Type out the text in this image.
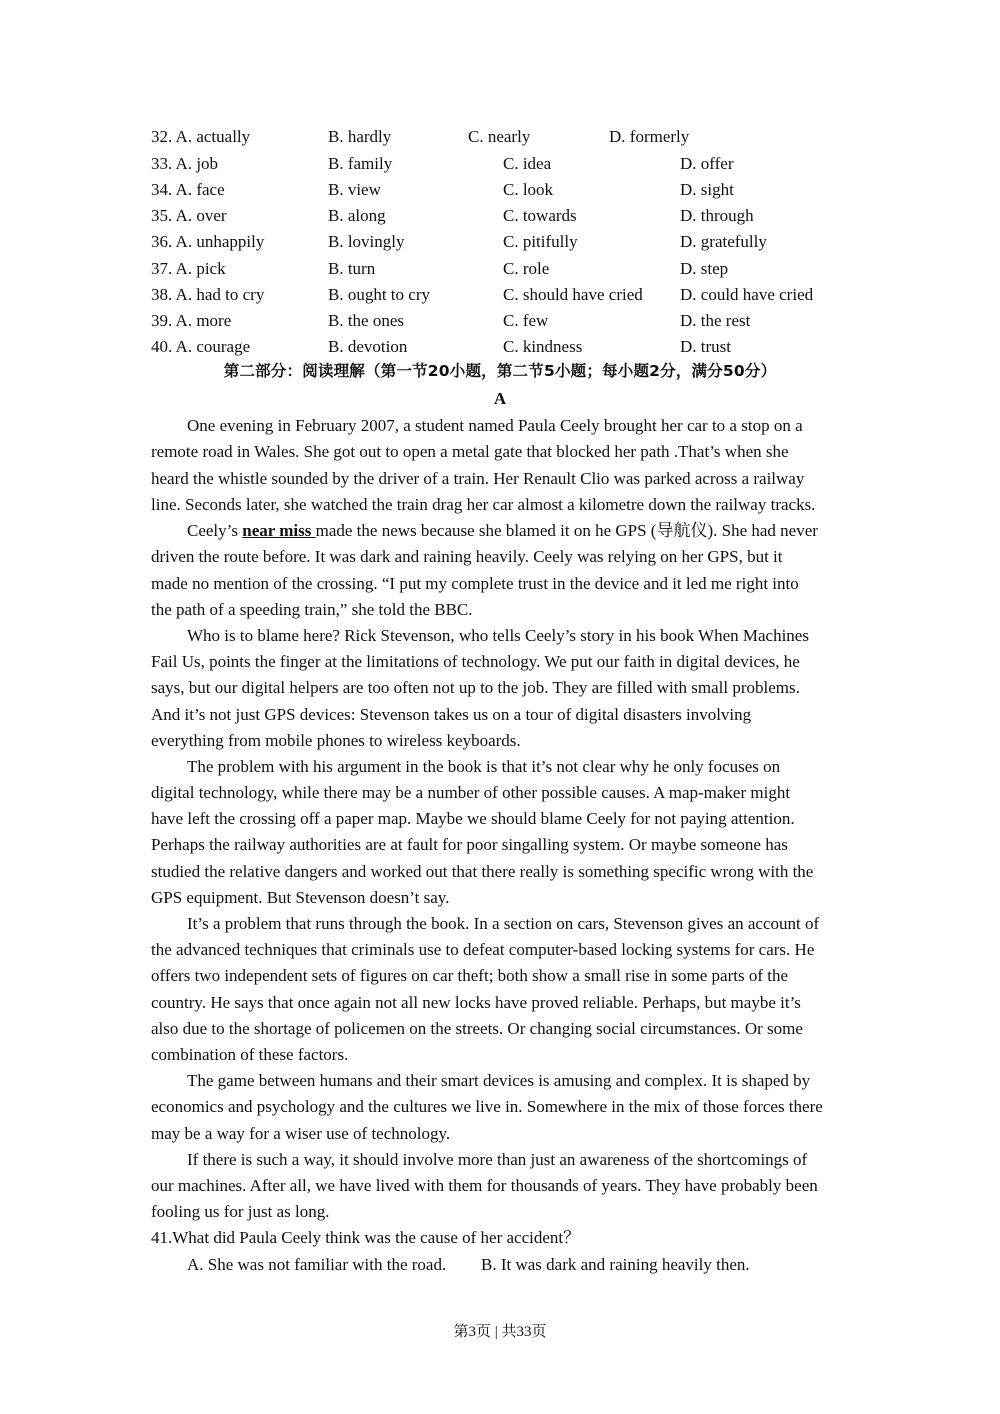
32. A. actually	B. hardly	C. nearly	D. formerly
33. A. job	B. family	C. idea	D. offer
34. A. face	B. view	C. look	D. sight
35. A. over	B. along	C. towards	D. through
36. A. unhappily	B. lovingly	C. pitifully	D. gratefully
37. A. pick	B. turn	C. role	D. step
38. A. had to cry	B. ought to cry	C. should have cried D. could have cried
39. A. more	B. the ones	C. few	D. the rest
40. A. courage	B. devotion	C. kindness	D. trust
第二部分：阅读理解（第一节20小题，第二节5小题；每小题2分，满分50分）
A
One evening in February 2007, a student named Paula Ceely brought her car to a stop on a
remote road in Wales. She got out to open a metal gate that blocked her path .That’s when she
heard the whistle sounded by the driver of a train. Her Renault Clio was parked across a railway
line. Seconds later, she watched the train drag her car almost a kilometre down the railway tracks.
Ceely’s near miss made the news because she blamed it on he GPS (导航仪). She had never
driven the route before. It was dark and raining heavily. Ceely was relying on her GPS, but it
made no mention of the crossing. “I put my complete trust in the device and it led me right into
the path of a speeding train,” she told the BBC.
Who is to blame here? Rick Stevenson, who tells Ceely’s story in his book When Machines
Fail Us, points the finger at the limitations of technology. We put our faith in digital devices, he
says, but our digital helpers are too often not up to the job. They are filled with small problems.
And it’s not just GPS devices: Stevenson takes us on a tour of digital disasters involving
everything from mobile phones to wireless keyboards.
The problem with his argument in the book is that it’s not clear why he only focuses on
digital technology, while there may be a number of other possible causes. A map-maker might
have left the crossing off a paper map. Maybe we should blame Ceely for not paying attention.
Perhaps the railway authorities are at fault for poor singalling system. Or maybe someone has
studied the relative dangers and worked out that there really is something specific wrong with the
GPS equipment. But Stevenson doesn’t say.
It’s a problem that runs through the book. In a section on cars, Stevenson gives an account of
the advanced techniques that criminals use to defeat computer-based locking systems for cars. He
offers two independent sets of figures on car theft; both show a small rise in some parts of the
country. He says that once again not all new locks have proved reliable. Perhaps, but maybe it’s
also due to the shortage of policemen on the streets. Or changing social circumstances. Or some
combination of these factors.
The game between humans and their smart devices is amusing and complex. It is shaped by
economics and psychology and the cultures we live in. Somewhere in the mix of those forces there
may be a way for a wiser use of technology.
If there is such a way, it should involve more than just an awareness of the shortcomings of
our machines. After all, we have lived with them for thousands of years. They have probably been
fooling us for just as long.
41.What did Paula Ceely think was the cause of her accident？
A. She was not familiar with the road. B. It was dark and raining heavily then.
第3页 | 共33页
